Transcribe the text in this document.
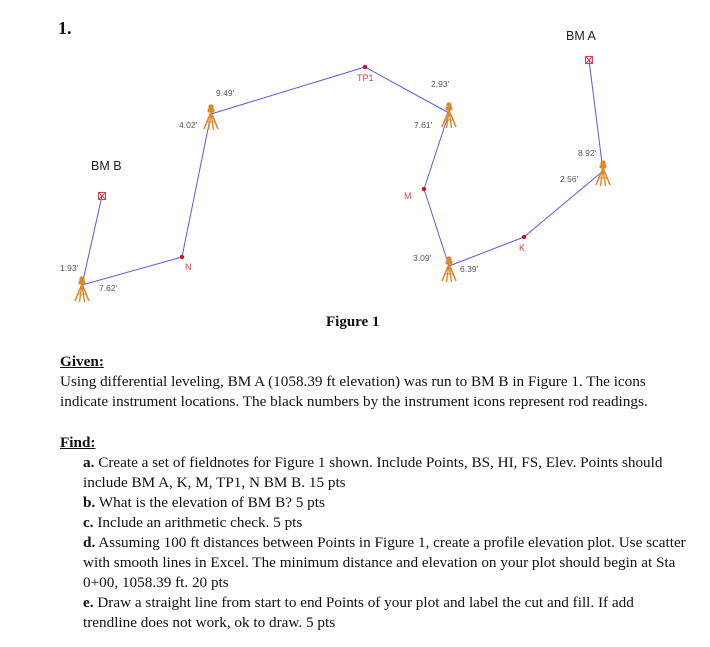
1.	BM A
BM B
TP1
M
K
N
1.93'
7.62'
4.02'
9.49'
2.93'
7.61'
3.09'
6.39'
2.56'
8.92'
Figure 1
Given:
Using differential leveling, BM A (1058.39 ft elevation) was run to BM B in Figure 1. The icons indicate instrument locations. The black numbers by the instrument icons represent rod readings.
Find:
a. Create a set of fieldnotes for Figure 1 shown. Include Points, BS, HI, FS, Elev. Points should include BM A, K, M, TP1, N BM B. 15 pts
b. What is the elevation of BM B? 5 pts
c. Include an arithmetic check. 5 pts
d. Assuming 100 ft distances between Points in Figure 1, create a profile elevation plot. Use scatter with smooth lines in Excel. The minimum distance and elevation on your plot should begin at Sta 0+00, 1058.39 ft. 20 pts
e. Draw a straight line from start to end Points of your plot and label the cut and fill. If add trendline does not work, ok to draw. 5 pts
